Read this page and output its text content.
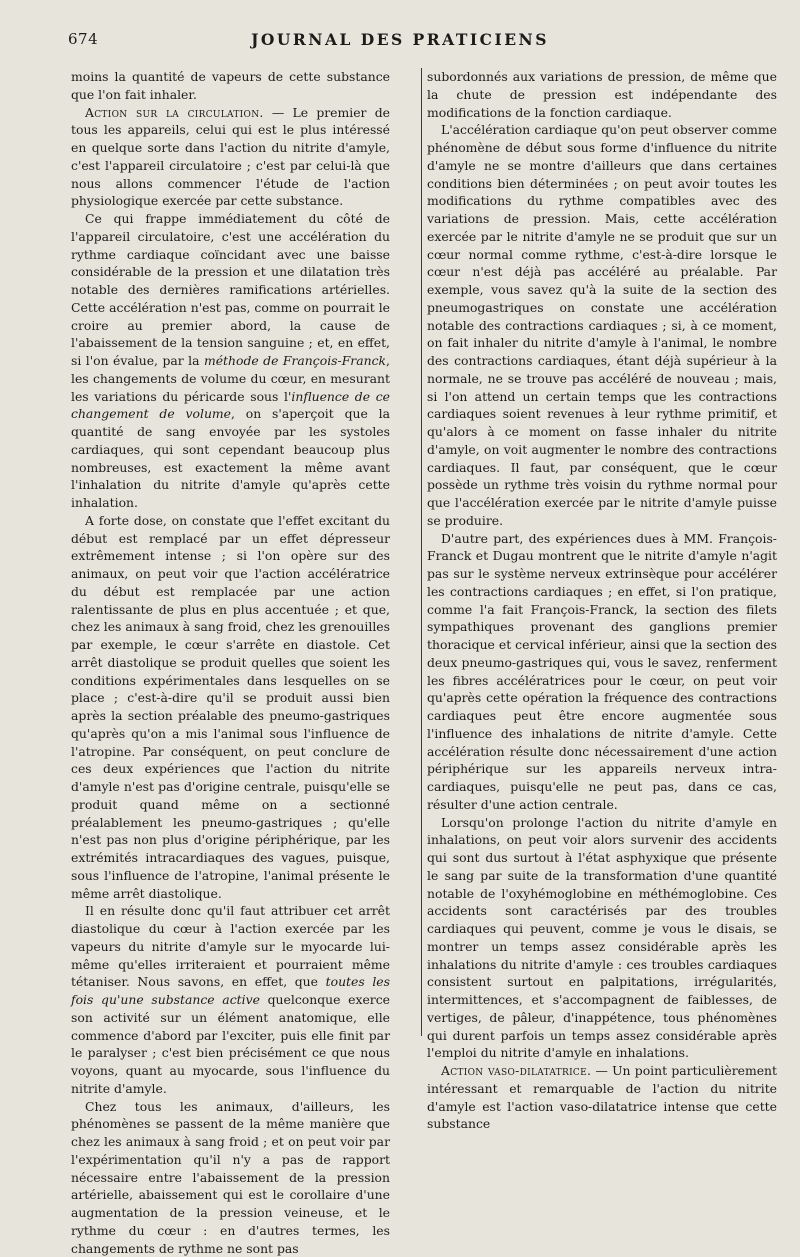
674	JOURNAL DES PRATICIENS

moins la quantité de vapeurs de cette substance que l'on fait inhaler.

Action sur la circulation. — Le premier de tous les appareils, celui qui est le plus intéressé en quelque sorte dans l'action du nitrite d'amyle, c'est l'appareil circulatoire ; c'est par celui-là que nous allons commencer l'étude de l'action physiologique exercée par cette substance.

Ce qui frappe immédiatement du côté de l'appareil circulatoire, c'est une accélération du rythme cardiaque coïncidant avec une baisse considérable de la pression et une dilatation très notable des dernières ramifications artérielles. Cette accélération n'est pas, comme on pourrait le croire au premier abord, la cause de l'abaissement de la tension sanguine ; et, en effet, si l'on évalue, par la méthode de François-Franck, les changements de volume du cœur, en mesurant les variations du péricarde sous l'influence de ce changement de volume, on s'aperçoit que la quantité de sang envoyée par les systoles cardiaques, qui sont cependant beaucoup plus nombreuses, est exactement la même avant l'inhalation du nitrite d'amyle qu'après cette inhalation.

A forte dose, on constate que l'effet excitant du début est remplacé par un effet dépresseur extrêmement intense ; si l'on opère sur des animaux, on peut voir que l'action accélératrice du début est remplacée par une action ralentissante de plus en plus accentuée ; et que, chez les animaux à sang froid, chez les grenouilles par exemple, le cœur s'arrête en diastole. Cet arrêt diastolique se produit quelles que soient les conditions expérimentales dans lesquelles on se place ; c'est-à-dire qu'il se produit aussi bien après la section préalable des pneumo-gastriques qu'après qu'on a mis l'animal sous l'influence de l'atropine. Par conséquent, on peut conclure de ces deux expériences que l'action du nitrite d'amyle n'est pas d'origine centrale, puisqu'elle se produit quand même on a sectionné préalablement les pneumo-gastriques ; qu'elle n'est pas non plus d'origine périphérique, par les extrémités intracardiaques des vagues, puisque, sous l'influence de l'atropine, l'animal présente le même arrêt diastolique.

Il en résulte donc qu'il faut attribuer cet arrêt diastolique du cœur à l'action exercée par les vapeurs du nitrite d'amyle sur le myocarde lui-même qu'elles irriteraient et pourraient même tétaniser. Nous savons, en effet, que toutes les fois qu'une substance active quelconque exerce son activité sur un élément anatomique, elle commence d'abord par l'exciter, puis elle finit par le paralyser ; c'est bien précisément ce que nous voyons, quant au myocarde, sous l'influence du nitrite d'amyle.

Chez tous les animaux, d'ailleurs, les phénomènes se passent de la même manière que chez les animaux à sang froid ; et on peut voir par l'expérimentation qu'il n'y a pas de rapport nécessaire entre l'abaissement de la pression artérielle, abaissement qui est le corollaire d'une augmentation de la pression veineuse, et le rythme du cœur : en d'autres termes, les changements de rythme ne sont pas

subordonnés aux variations de pression, de même que la chute de pression est indépendante des modifications de la fonction cardiaque.

L'accélération cardiaque qu'on peut observer comme phénomène de début sous forme d'influence du nitrite d'amyle ne se montre d'ailleurs que dans certaines conditions bien déterminées ; on peut avoir toutes les modifications du rythme compatibles avec des variations de pression. Mais, cette accélération exercée par le nitrite d'amyle ne se produit que sur un cœur normal comme rythme, c'est-à-dire lorsque le cœur n'est déjà pas accéléré au préalable. Par exemple, vous savez qu'à la suite de la section des pneumogastriques on constate une accélération notable des contractions cardiaques ; si, à ce moment, on fait inhaler du nitrite d'amyle à l'animal, le nombre des contractions cardiaques, étant déjà supérieur à la normale, ne se trouve pas accéléré de nouveau ; mais, si l'on attend un certain temps que les contractions cardiaques soient revenues à leur rythme primitif, et qu'alors à ce moment on fasse inhaler du nitrite d'amyle, on voit augmenter le nombre des contractions cardiaques. Il faut, par conséquent, que le cœur possède un rythme très voisin du rythme normal pour que l'accélération exercée par le nitrite d'amyle puisse se produire.

D'autre part, des expériences dues à MM. François-Franck et Dugau montrent que le nitrite d'amyle n'agit pas sur le système nerveux extrinsèque pour accélérer les contractions cardiaques ; en effet, si l'on pratique, comme l'a fait François-Franck, la section des filets sympathiques provenant des ganglions premier thoracique et cervical inférieur, ainsi que la section des deux pneumo-gastriques qui, vous le savez, renferment les fibres accélératrices pour le cœur, on peut voir qu'après cette opération la fréquence des contractions cardiaques peut être encore augmentée sous l'influence des inhalations de nitrite d'amyle. Cette accélération résulte donc nécessairement d'une action périphérique sur les appareils nerveux intra-cardiaques, puisqu'elle ne peut pas, dans ce cas, résulter d'une action centrale.

Lorsqu'on prolonge l'action du nitrite d'amyle en inhalations, on peut voir alors survenir des accidents qui sont dus surtout à l'état asphyxique que présente le sang par suite de la transformation d'une quantité notable de l'oxyhémoglobine en méthémoglobine. Ces accidents sont caractérisés par des troubles cardiaques qui peuvent, comme je vous le disais, se montrer un temps assez considérable après les inhalations du nitrite d'amyle : ces troubles cardiaques consistent surtout en palpitations, irrégularités, intermittences, et s'accompagnent de faiblesses, de vertiges, de pâleur, d'inappétence, tous phénomènes qui durent parfois un temps assez considérable après l'emploi du nitrite d'amyle en inhalations.

Action vaso-dilatatrice. — Un point particulièrement intéressant et remarquable de l'action du nitrite d'amyle est l'action vaso-dilatatrice intense que cette substance
